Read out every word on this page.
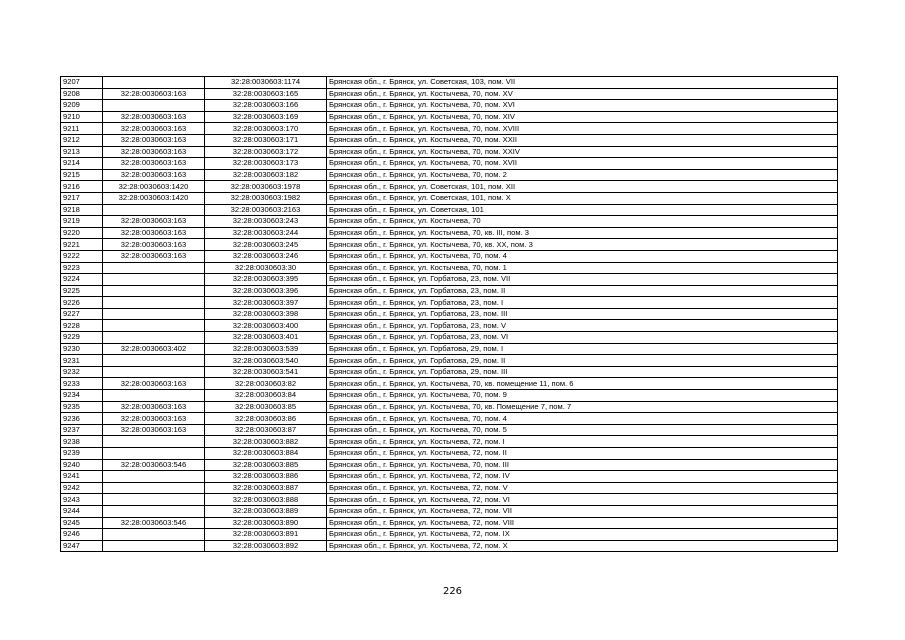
9207		32:28:0030603:1174	Брянская обл., г. Брянск, ул. Советская, 103, пом. VII
9208	32:28:0030603:163	32:28:0030603:165	Брянская обл., г. Брянск, ул. Костычева, 70, пом. XV
9209		32:28:0030603:166	Брянская обл., г. Брянск, ул. Костычева, 70, пом. XVI
9210	32:28:0030603:163	32:28:0030603:169	Брянская обл., г. Брянск, ул. Костычева, 70, пом. XIV
9211	32:28:0030603:163	32:28:0030603:170	Брянская обл., г. Брянск, ул. Костычева, 70, пом. XVIII
9212	32:28:0030603:163	32:28:0030603:171	Брянская обл., г. Брянск, ул. Костычева, 70, пом. XXII
9213	32:28:0030603:163	32:28:0030603:172	Брянская обл., г. Брянск, ул. Костычева, 70, пом. XXIV
9214	32:28:0030603:163	32:28:0030603:173	Брянская обл., г. Брянск, ул. Костычева, 70, пом. XVII
9215	32:28:0030603:163	32:28:0030603:182	Брянская обл., г. Брянск, ул. Костычева, 70, пом. 2
9216	32:28:0030603:1420	32:28:0030603:1978	Брянская обл., г. Брянск, ул. Советская, 101, пом. XII
9217	32:28:0030603:1420	32:28:0030603:1982	Брянская обл., г. Брянск, ул. Советская, 101, пом. X
9218		32:28:0030603:2163	Брянская обл., г. Брянск, ул. Советская, 101
9219	32:28:0030603:163	32:28:0030603:243	Брянская обл., г. Брянск, ул. Костычева, 70
9220	32:28:0030603:163	32:28:0030603:244	Брянская обл., г. Брянск, ул. Костычева, 70, кв. III, пом. 3
9221	32:28:0030603:163	32:28:0030603:245	Брянская обл., г. Брянск, ул. Костычева, 70, кв. XX, пом. 3
9222	32:28:0030603:163	32:28:0030603:246	Брянская обл., г. Брянск, ул. Костычева, 70, пом. 4
9223		32:28:0030603:30	Брянская обл., г. Брянск, ул. Костычева, 70, пом. 1
9224		32:28:0030603:395	Брянская обл., г. Брянск, ул. Горбатова, 23, пом. VII
9225		32:28:0030603:396	Брянская обл., г. Брянск, ул. Горбатова, 23, пом. II
9226		32:28:0030603:397	Брянская обл., г. Брянск, ул. Горбатова, 23, пом. I
9227		32:28:0030603:398	Брянская обл., г. Брянск, ул. Горбатова, 23, пом. III
9228		32:28:0030603:400	Брянская обл., г. Брянск, ул. Горбатова, 23, пом. V
9229		32:28:0030603:401	Брянская обл., г. Брянск, ул. Горбатова, 23, пом. VI
9230	32:28:0030603:402	32:28:0030603:539	Брянская обл., г. Брянск, ул. Горбатова, 29, пом. I
9231		32:28:0030603:540	Брянская обл., г. Брянск, ул. Горбатова, 29, пом. II
9232		32:28:0030603:541	Брянская обл., г. Брянск, ул. Горбатова, 29, пом. III
9233	32:28:0030603:163	32:28:0030603:82	Брянская обл., г. Брянск, ул. Костычева, 70, кв. помещение 11, пом. 6
9234		32:28:0030603:84	Брянская обл., г. Брянск, ул. Костычева, 70, пом. 9
9235	32:28:0030603:163	32:28:0030603:85	Брянская обл., г. Брянск, ул. Костычева, 70, кв. Помещение 7, пом. 7
9236	32:28:0030603:163	32:28:0030603:86	Брянская обл., г. Брянск, ул. Костычева, 70, пом. 4
9237	32:28:0030603:163	32:28:0030603:87	Брянская обл., г. Брянск, ул. Костычева, 70, пом. 5
9238		32:28:0030603:882	Брянская обл., г. Брянск, ул. Костычева, 72, пом. I
9239		32:28:0030603:884	Брянская обл., г. Брянск, ул. Костычева, 72, пом. II
9240	32:28:0030603:546	32:28:0030603:885	Брянская обл., г. Брянск, ул. Костычева, 70, пом. III
9241		32:28:0030603:886	Брянская обл., г. Брянск, ул. Костычева, 72, пом. IV
9242		32:28:0030603:887	Брянская обл., г. Брянск, ул. Костычева, 72, пом. V
9243		32:28:0030603:888	Брянская обл., г. Брянск, ул. Костычева, 72, пом. VI
9244		32:28:0030603:889	Брянская обл., г. Брянск, ул. Костычева, 72, пом. VII
9245	32:28:0030603:546	32:28:0030603:890	Брянская обл., г. Брянск, ул. Костычева, 72, пом. VIII
9246		32:28:0030603:891	Брянская обл., г. Брянск, ул. Костычева, 72, пом. IX
9247		32:28:0030603:892	Брянская обл., г. Брянск, ул. Костычева, 72, пом. X
226
